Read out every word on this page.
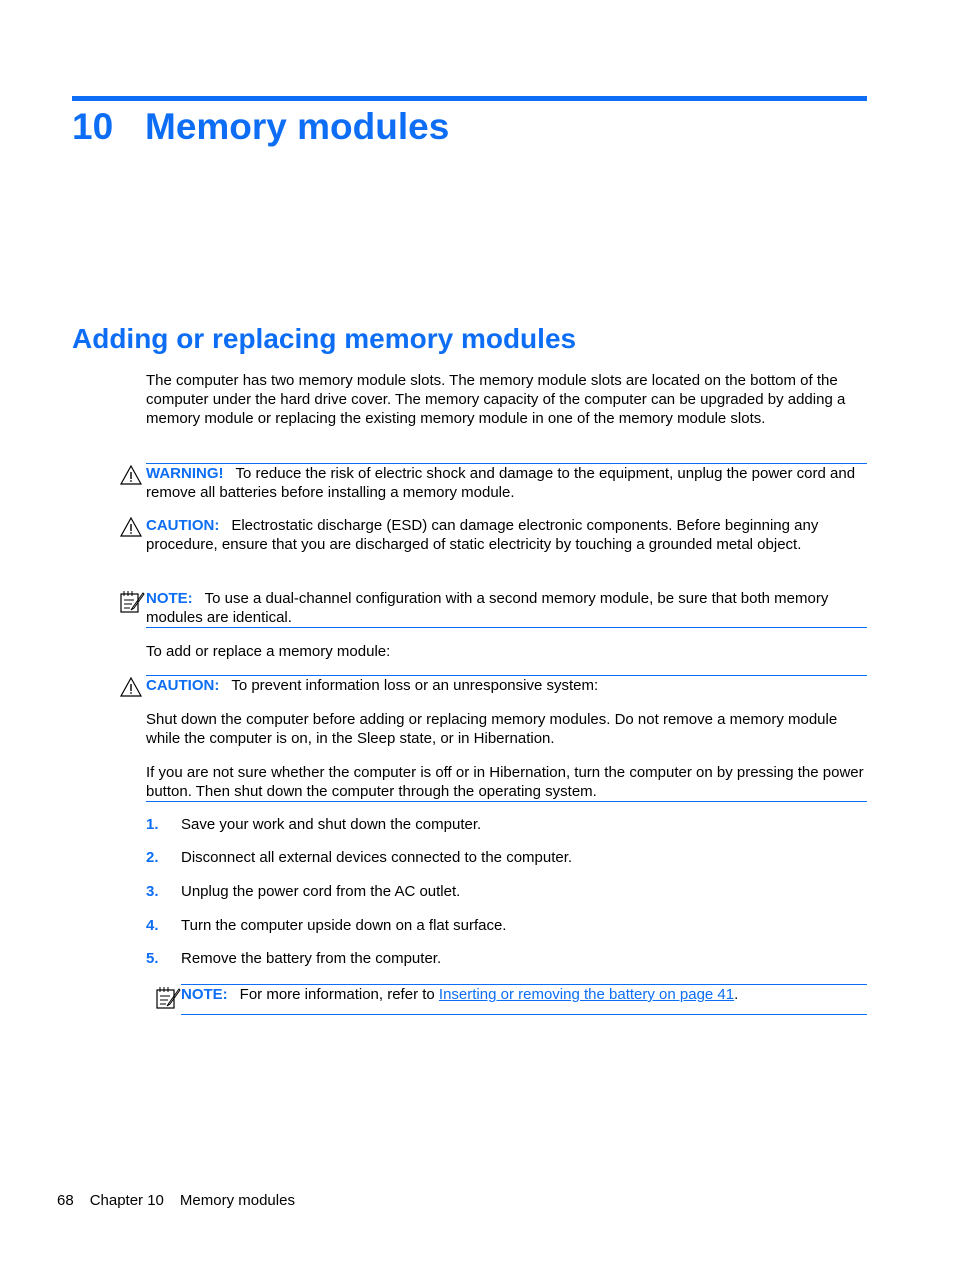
10 Memory modules
Adding or replacing memory modules
The computer has two memory module slots. The memory module slots are located on the bottom of the computer under the hard drive cover. The memory capacity of the computer can be upgraded by adding a memory module or replacing the existing memory module in one of the memory module slots.
WARNING! To reduce the risk of electric shock and damage to the equipment, unplug the power cord and remove all batteries before installing a memory module.
CAUTION: Electrostatic discharge (ESD) can damage electronic components. Before beginning any procedure, ensure that you are discharged of static electricity by touching a grounded metal object.
NOTE: To use a dual-channel configuration with a second memory module, be sure that both memory modules are identical.
To add or replace a memory module:
CAUTION: To prevent information loss or an unresponsive system:
Shut down the computer before adding or replacing memory modules. Do not remove a memory module while the computer is on, in the Sleep state, or in Hibernation.
If you are not sure whether the computer is off or in Hibernation, turn the computer on by pressing the power button. Then shut down the computer through the operating system.
1. Save your work and shut down the computer.
2. Disconnect all external devices connected to the computer.
3. Unplug the power cord from the AC outlet.
4. Turn the computer upside down on a flat surface.
5. Remove the battery from the computer.
NOTE: For more information, refer to Inserting or removing the battery on page 41.
68 Chapter 10 Memory modules
